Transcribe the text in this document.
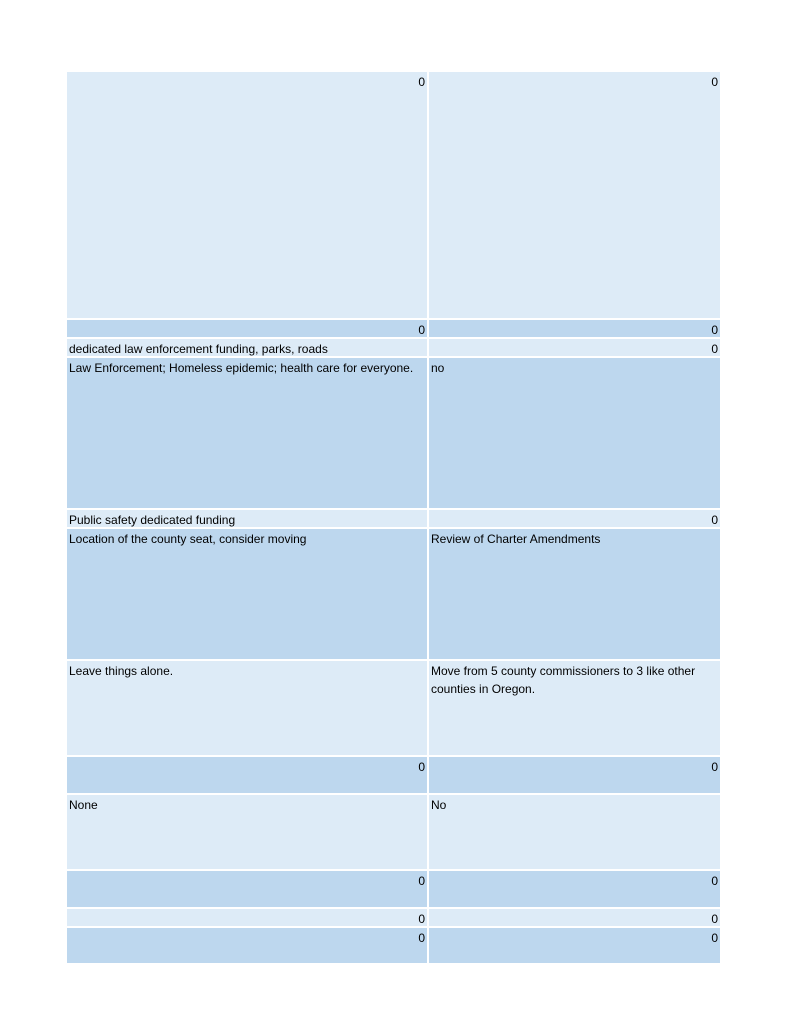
0	0
0	0
dedicated law enforcement funding, parks, roads	0
Law Enforcement; Homeless epidemic; health care for everyone.	no
Public safety dedicated funding	0
Location of the county seat, consider moving	Review of Charter Amendments
Leave things alone.	Move from 5 county commissioners to 3 like other counties in Oregon.
0	0
None	No
0	0
0	0
0	0
